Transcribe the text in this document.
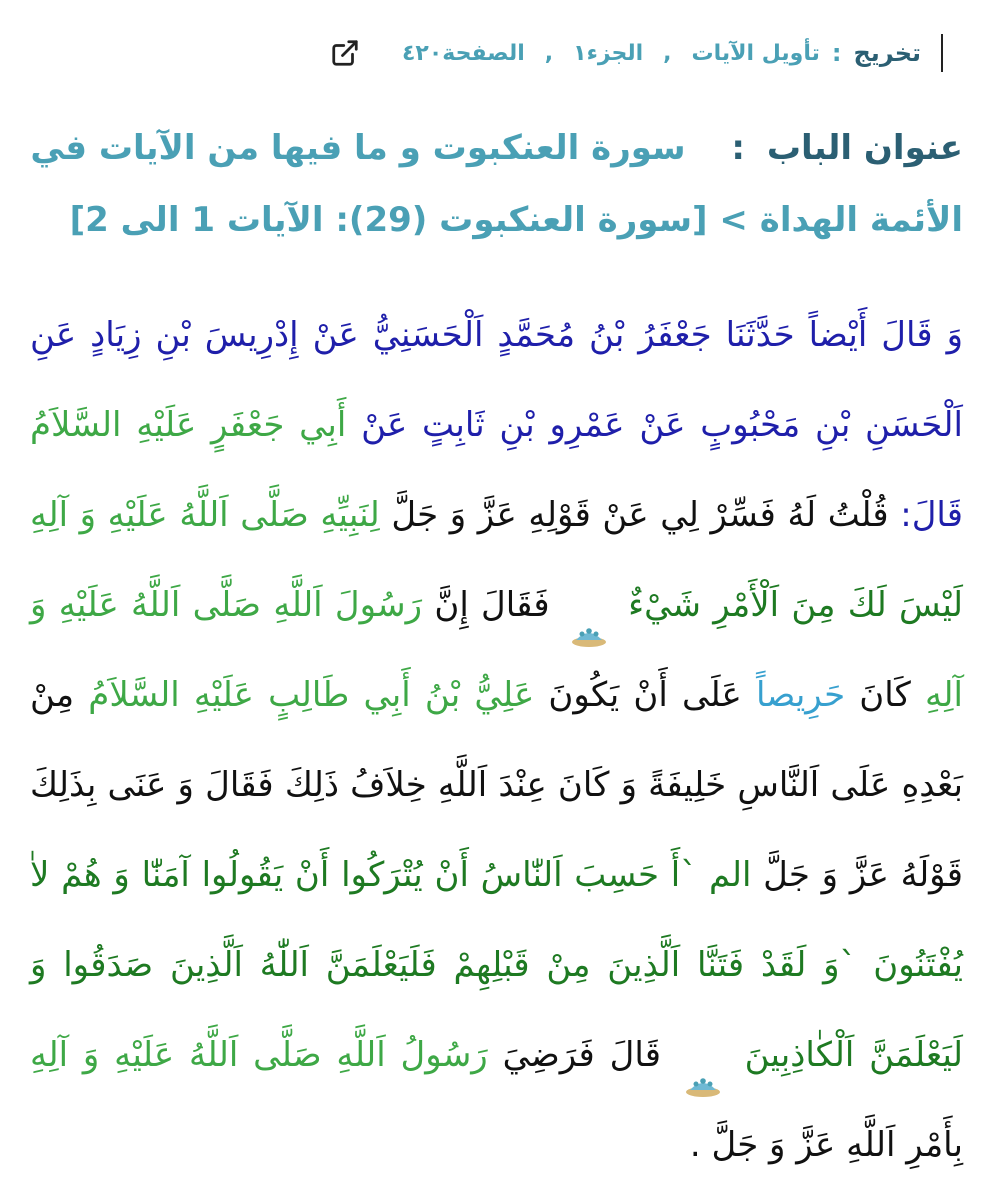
تخريج
:
تأويل الآيات
,
الجزء١
,
الصفحة٤٢٠
عنوان الباب : سورة العنكبوت و ما فيها من الآيات في الأئمة الهداة > [سورة العنكبوت (29): الآيات 1 الى 2]
وَ قَالَ أَيْضاً حَدَّثَنَا جَعْفَرُ بْنُ مُحَمَّدٍ اَلْحَسَنِيُّ عَنْ إِدْرِيسَ بْنِ زِيَادٍ عَنِ اَلْحَسَنِ بْنِ مَحْبُوبٍ عَنْ عَمْرِو بْنِ ثَابِتٍ عَنْ أَبِي جَعْفَرٍ عَلَيْهِ السَّلاَمُ قَالَ: قُلْتُ لَهُ فَسِّرْ لِي عَنْ قَوْلِهِ عَزَّ وَ جَلَّ لِنَبِيِّهِ صَلَّى اَللَّهُ عَلَيْهِ وَ آلِهِ لَيْسَ لَكَ مِنَ اَلْأَمْرِ شَيْءٌ  فَقَالَ إِنَّ رَسُولَ اَللَّهِ صَلَّى اَللَّهُ عَلَيْهِ وَ آلِهِ كَانَ حَرِيصاً عَلَى أَنْ يَكُونَ عَلِيُّ بْنُ أَبِي طَالِبٍ عَلَيْهِ السَّلاَمُ مِنْ بَعْدِهِ عَلَى اَلنَّاسِ خَلِيفَةً وَ كَانَ عِنْدَ اَللَّهِ خِلاَفُ ذَلِكَ فَقَالَ وَ عَنَى بِذَلِكَ قَوْلَهُ عَزَّ وَ جَلَّ الم `أَ حَسِبَ اَلنّٰاسُ أَنْ يُتْرَكُوا أَنْ يَقُولُوا آمَنّٰا وَ هُمْ لاٰ يُفْتَنُونَ `وَ لَقَدْ فَتَنَّا اَلَّذِينَ مِنْ قَبْلِهِمْ فَلَيَعْلَمَنَّ اَللّٰهُ اَلَّذِينَ صَدَقُوا وَ لَيَعْلَمَنَّ اَلْكٰاذِبِينَ  قَالَ فَرَضِيَ رَسُولُ اَللَّهِ صَلَّى اَللَّهُ عَلَيْهِ وَ آلِهِ بِأَمْرِ اَللَّهِ عَزَّ وَ جَلَّ .
